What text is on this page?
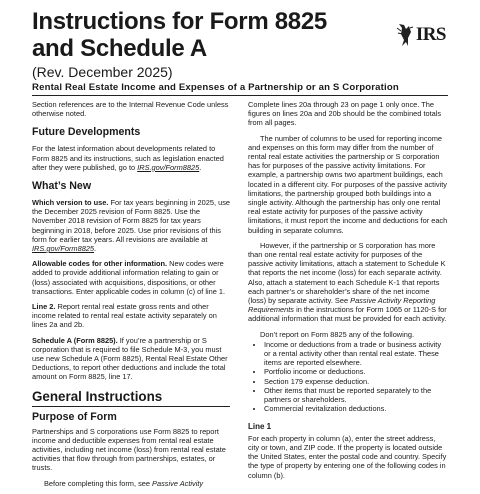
Instructions for Form 8825
and Schedule A
IRS
(Rev. December 2025)
Rental Real Estate Income and Expenses of a Partnership or an S Corporation

Section references are to the Internal Revenue Code unless otherwise noted.

Future Developments

For the latest information about developments related to Form 8825 and its instructions, such as legislation enacted after they were published, go to IRS.gov/Form8825.

What’s New

Which version to use. For tax years beginning in 2025, use the December 2025 revision of Form 8825. Use the November 2018 revision of Form 8825 for tax years beginning in 2018, before 2025. Use prior revisions of this form for earlier tax years. All revisions are available at IRS.gov/Form8825.

Allowable codes for other information. New codes were added to provide additional information relating to gain or (loss) associated with acquisitions, dispositions, or other transactions. Enter applicable codes in column (c) of line 1.

Line 2. Report rental real estate gross rents and other income related to rental real estate activity separately on lines 2a and 2b.

Schedule A (Form 8825). If you’re a partnership or S corporation that is required to file Schedule M-3, you must use new Schedule A (Form 8825), Rental Real Estate Other Deductions, to report other deductions and include the total amount on Form 8825, line 17.

General Instructions
Purpose of Form

Partnerships and S corporations use Form 8825 to report income and deductible expenses from rental real estate activities, including net income (loss) from rental real estate activities that flow through from partnerships, estates, or trusts.

Before completing this form, see Passive Activity

Complete lines 20a through 23 on page 1 only once. The figures on lines 20a and 20b should be the combined totals from all pages.

The number of columns to be used for reporting income and expenses on this form may differ from the number of rental real estate activities the partnership or S corporation has for purposes of the passive activity limitations. For example, a partnership owns two apartment buildings, each located in a different city. For purposes of the passive activity limitations, the partnership grouped both buildings into a single activity. Although the partnership has only one rental real estate activity for purposes of the passive activity limitations, it must report the income and deductions for each building in separate columns.

However, if the partnership or S corporation has more than one rental real estate activity for purposes of the passive activity limitations, attach a statement to Schedule K that reports the net income (loss) for each separate activity. Also, attach a statement to each Schedule K-1 that reports each partner’s or shareholder’s share of the net income (loss) by separate activity. See Passive Activity Reporting Requirements in the instructions for Form 1065 or 1120-S for additional information that must be provided for each activity.

Don’t report on Form 8825 any of the following.

• Income or deductions from a trade or business activity or a rental activity other than rental real estate. These items are reported elsewhere.
• Portfolio income or deductions.
• Section 179 expense deduction.
• Other items that must be reported separately to the partners or shareholders.
• Commercial revitalization deductions.
Line 1

For each property in column (a), enter the street address, city or town, and ZIP code. If the property is located outside the United States, enter the postal code and country. Specify the type of property by entering one of the following codes in column (b).
